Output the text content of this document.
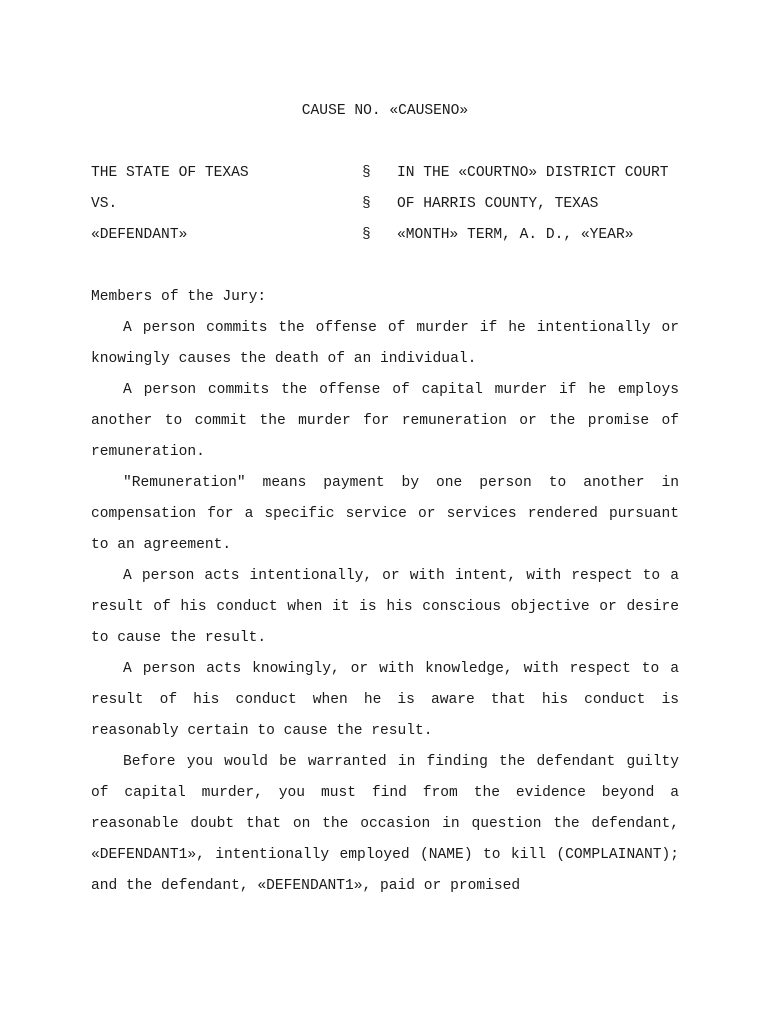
CAUSE NO. «CAUSENO»
THE STATE OF TEXAS	§ IN THE «COURTNO» DISTRICT COURT
VS.	§ OF HARRIS COUNTY, TEXAS
«DEFENDANT»	§ «MONTH» TERM, A. D., «YEAR»
Members of the Jury:

A person commits the offense of murder if he intentionally or knowingly causes the death of an individual.

A person commits the offense of capital murder if he employs another to commit the murder for remuneration or the promise of remuneration.

"Remuneration" means payment by one person to another in compensation for a specific service or services rendered pursuant to an agreement.

A person acts intentionally, or with intent, with respect to a result of his conduct when it is his conscious objective or desire to cause the result.

A person acts knowingly, or with knowledge, with respect to a result of his conduct when he is aware that his conduct is reasonably certain to cause the result.

Before you would be warranted in finding the defendant guilty of capital murder, you must find from the evidence beyond a reasonable doubt that on the occasion in question the defendant, «DEFENDANT1», intentionally employed (NAME) to kill (COMPLAINANT); and the defendant, «DEFENDANT1», paid or promised
